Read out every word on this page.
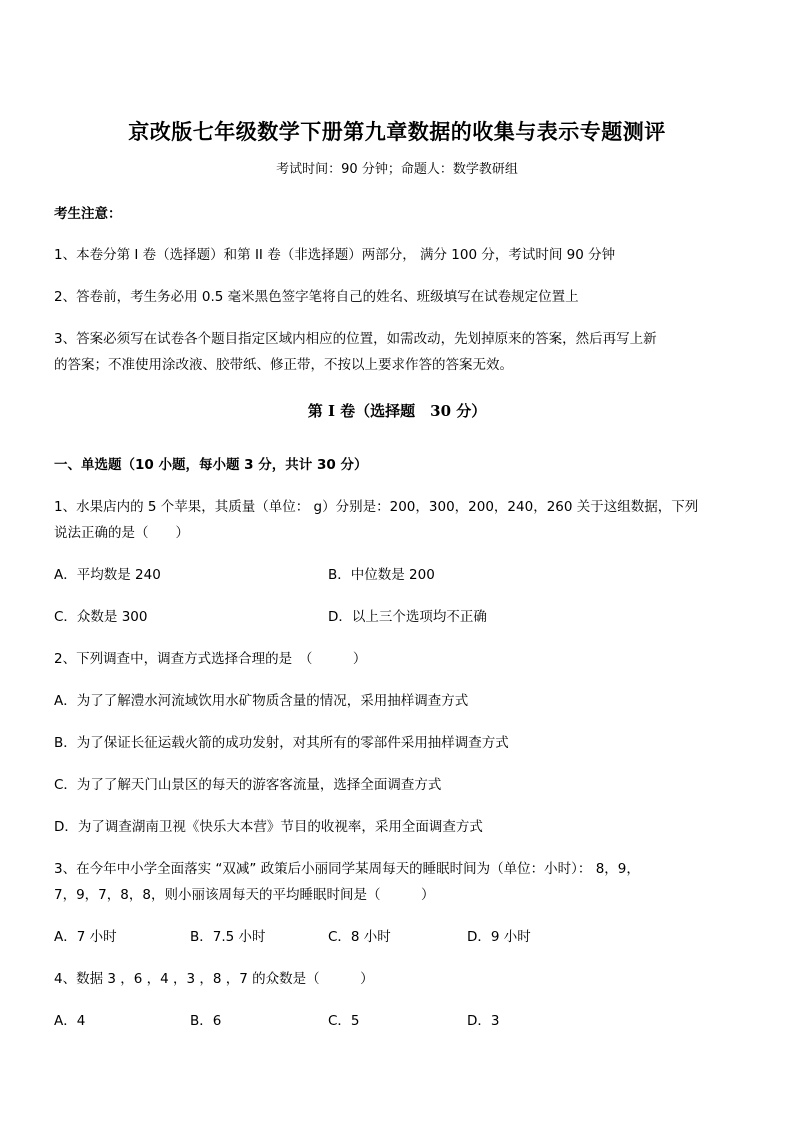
京改版七年级数学下册第九章数据的收集与表示专题测评
考试时间：90 分钟；命题人：数学教研组
考生注意：
1、本卷分第 I 卷（选择题）和第 II 卷（非选择题）两部分， 满分 100 分，考试时间 90 分钟
2、答卷前，考生务必用 0.5 毫米黑色签字笔将自己的姓名、班级填写在试卷规定位置上
3、答案必须写在试卷各个题目指定区域内相应的位置，如需改动，先划掉原来的答案，然后再写上新
的答案；不准使用涂改液、胶带纸、修正带，不按以上要求作答的答案无效。
第 I 卷（选择题　30 分）
一、单选题（10 小题，每小题 3 分，共计 30 分）
1、水果店内的 5 个苹果，其质量（单位： g）分别是：200，300，200，240，260 关于这组数据，下列
说法正确的是（　　）
A．平均数是 240	B．中位数是 200
C．众数是 300	D．以上三个选项均不正确
2、下列调查中，调查方式选择合理的是　（　　　）
A．为了了解澧水河流域饮用水矿物质含量的情况，采用抽样调查方式
B．为了保证长征运载火箭的成功发射，对其所有的零部件采用抽样调查方式
C．为了了解天门山景区的每天的游客客流量，选择全面调查方式
D．为了调查湖南卫视《快乐大本营》节目的收视率，采用全面调查方式
3、在今年中小学全面落实 “双减” 政策后小丽同学某周每天的睡眠时间为（单位：小时）： 8，9，
7，9，7，8，8，则小丽该周每天的平均睡眠时间是（　　　）
A．7 小时	B．7.5 小时	C．8 小时	D．9 小时
4、数据 3 ，6 ，4 ，3 ，8 ，7 的众数是（　　　）
A．4	B．6	C．5	D．3
